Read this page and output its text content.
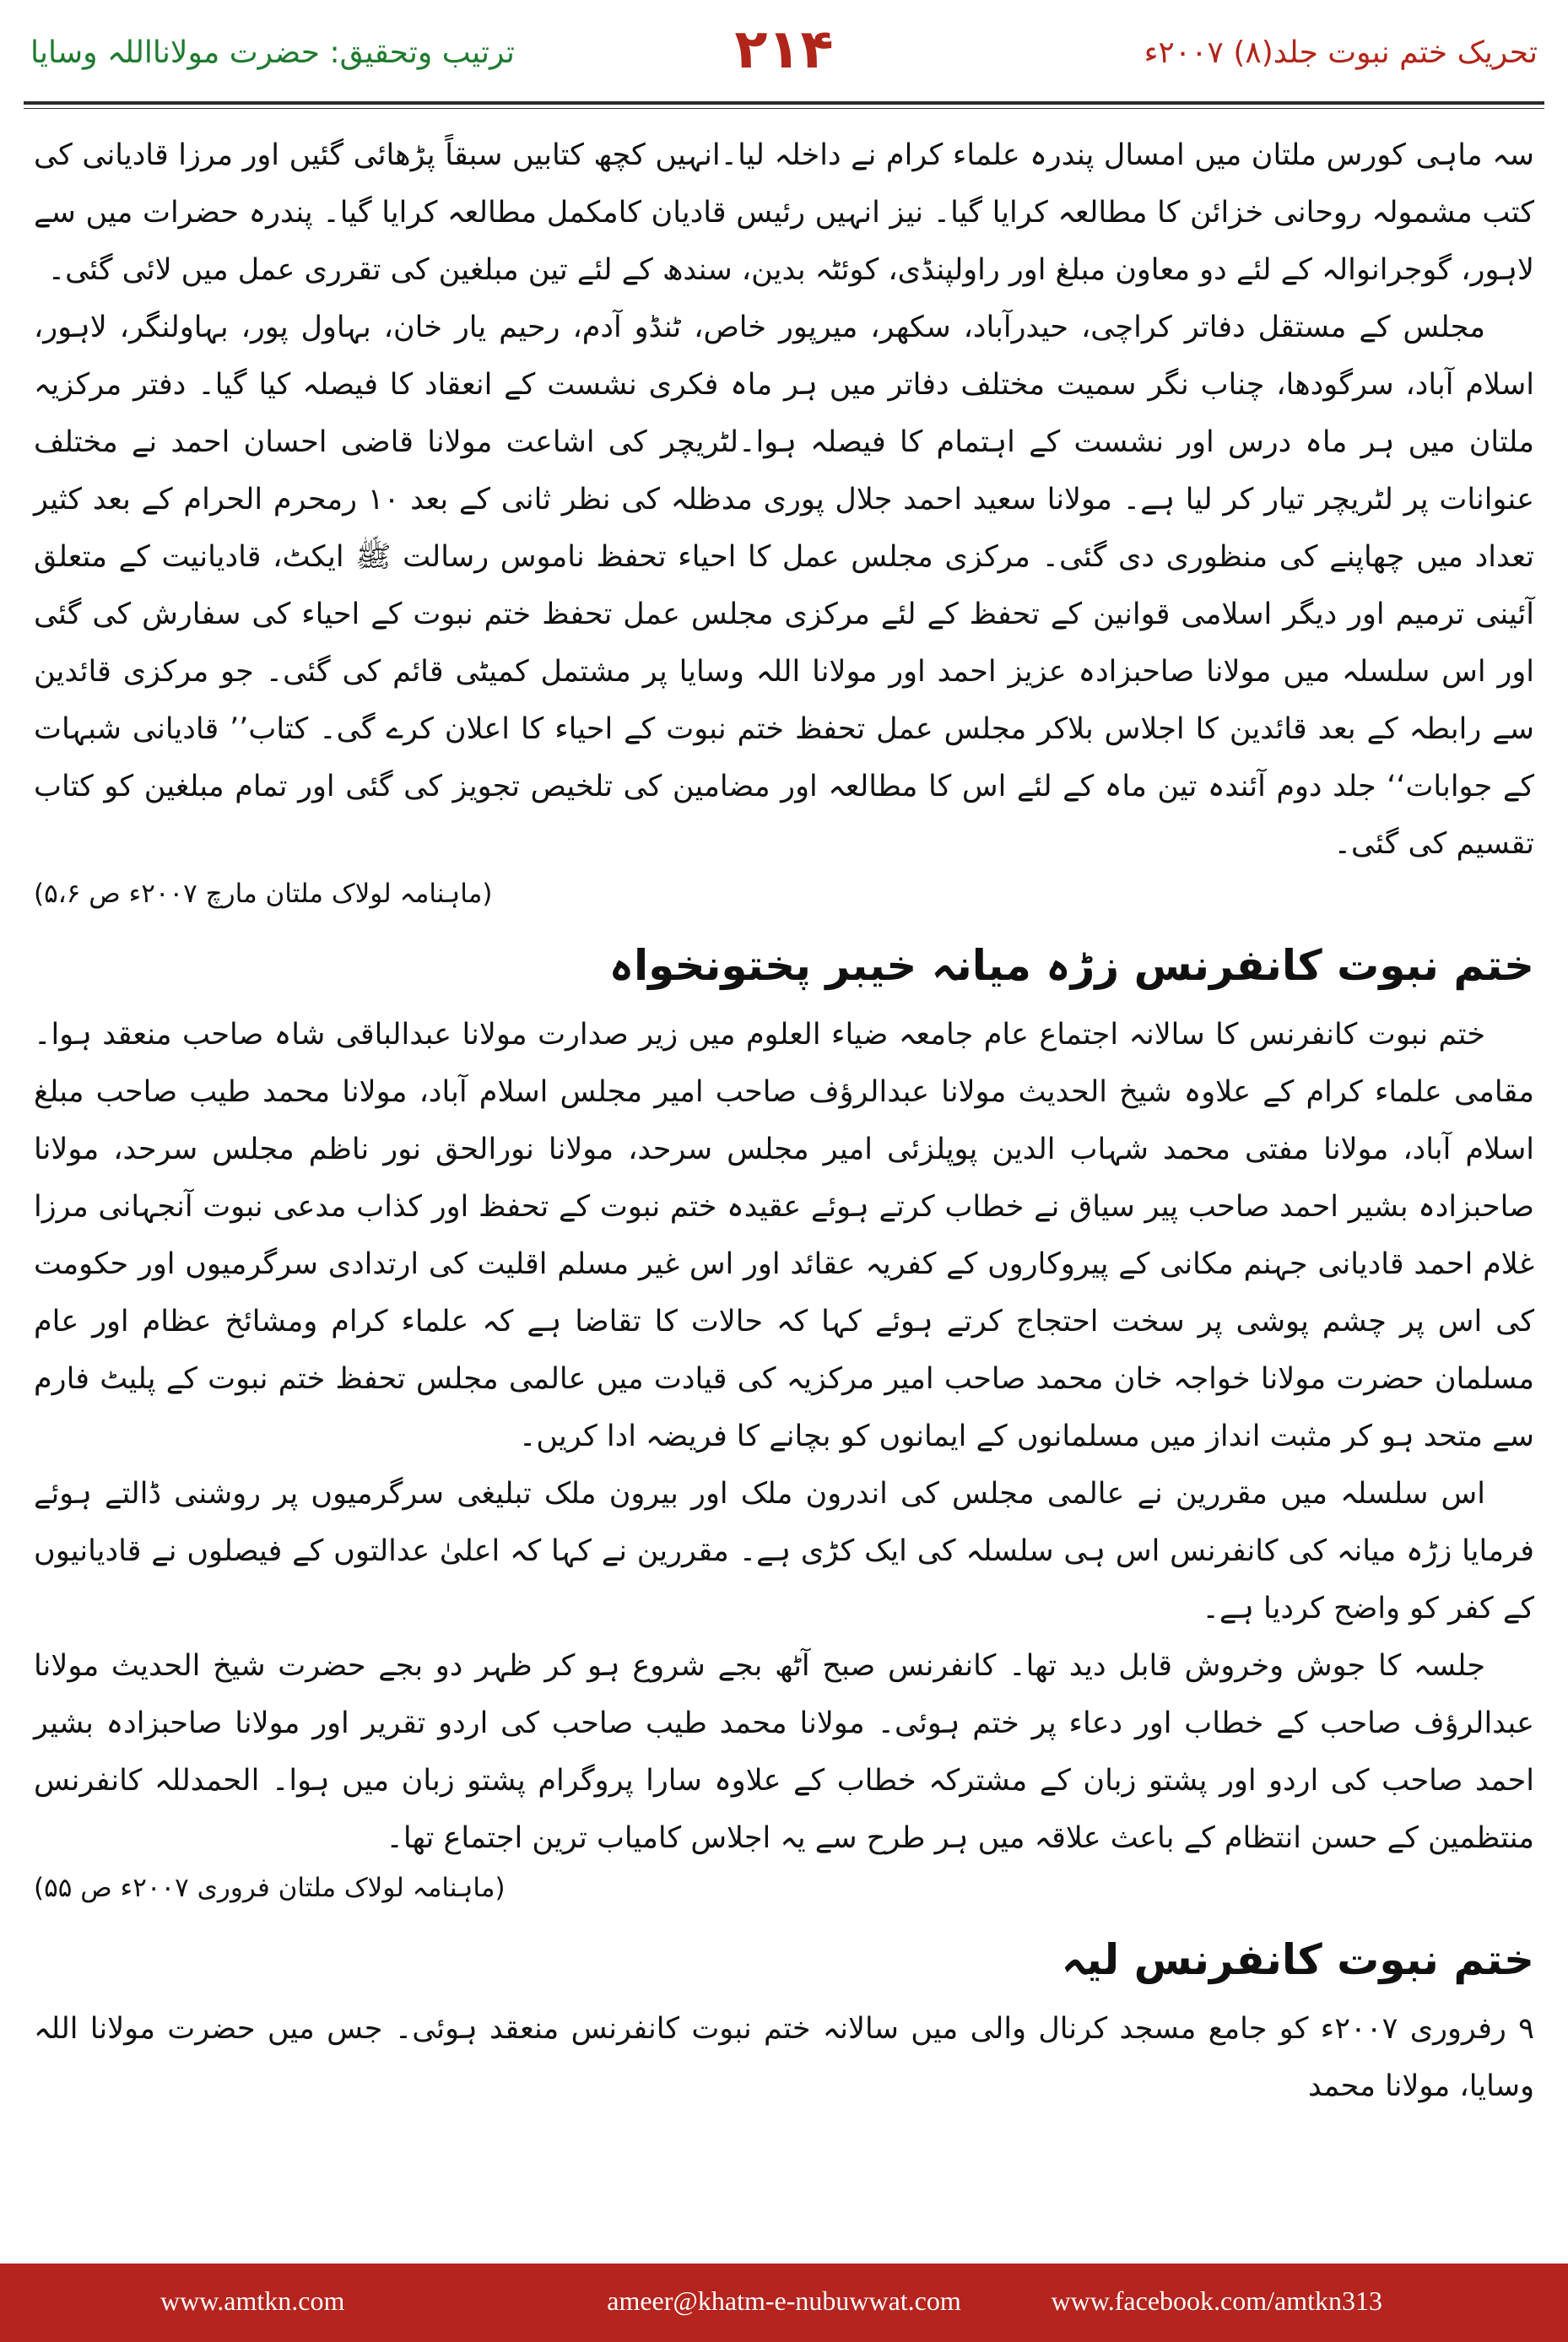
ترتیب وتحقیق: حضرت مولانااللہ وسایا	۲۱۴	تحریک ختم نبوت جلد(۸) ۲۰۰۷ء

سہ ماہی کورس ملتان میں امسال پندرہ علماء کرام نے داخلہ لیا۔انہیں کچھ کتابیں سبقاً پڑھائی گئیں اور مرزا قادیانی کی کتب مشمولہ روحانی خزائن کا مطالعہ کرایا گیا۔ نیز انہیں رئیس قادیان کامکمل مطالعہ کرایا گیا۔ پندرہ حضرات میں سے لاہور، گوجرانوالہ کے لئے دو معاون مبلغ اور راولپنڈی، کوئٹہ بدین، سندھ کے لئے تین مبلغین کی تقرری عمل میں لائی گئی۔

مجلس کے مستقل دفاتر کراچی، حیدرآباد، سکھر، میرپور خاص، ٹنڈو آدم، رحیم یار خان، بہاول پور، بہاولنگر، لاہور، اسلام آباد، سرگودھا، چناب نگر سمیت مختلف دفاتر میں ہر ماہ فکری نشست کے انعقاد کا فیصلہ کیا گیا۔ دفتر مرکزیہ ملتان میں ہر ماہ درس اور نشست کے اہتمام کا فیصلہ ہوا۔لٹریچر کی اشاعت مولانا قاضی احسان احمد نے مختلف عنوانات پر لٹریچر تیار کر لیا ہے۔ مولانا سعید احمد جلال پوری مدظلہ کی نظر ثانی کے بعد ۱۰ رمحرم الحرام کے بعد کثیر تعداد میں چھاپنے کی منظوری دی گئی۔ مرکزی مجلس عمل کا احیاء تحفظ ناموس رسالت ﷺ ایکٹ، قادیانیت کے متعلق آئینی ترمیم اور دیگر اسلامی قوانین کے تحفظ کے لئے مرکزی مجلس عمل تحفظ ختم نبوت کے احیاء کی سفارش کی گئی اور اس سلسلہ میں مولانا صاحبزادہ عزیز احمد اور مولانا اللہ وسایا پر مشتمل کمیٹی قائم کی گئی۔ جو مرکزی قائدین سے رابطہ کے بعد قائدین کا اجلاس بلاکر مجلس عمل تحفظ ختم نبوت کے احیاء کا اعلان کرے گی۔ کتاب’’ قادیانی شبہات کے جوابات‘‘ جلد دوم آئندہ تین ماہ کے لئے اس کا مطالعہ اور مضامین کی تلخیص تجویز کی گئی اور تمام مبلغین کو کتاب تقسیم کی گئی۔

(ماہنامہ لولاک ملتان مارچ ۲۰۰۷ء ص ۵،۶)
ختم نبوت کانفرنس زڑہ میانہ خیبر پختونخواہ

ختم نبوت کانفرنس کا سالانہ اجتماع عام جامعہ ضیاء العلوم میں زیر صدارت مولانا عبدالباقی شاہ صاحب منعقد ہوا۔ مقامی علماء کرام کے علاوہ شیخ الحدیث مولانا عبدالرؤف صاحب امیر مجلس اسلام آباد، مولانا محمد طیب صاحب مبلغ اسلام آباد، مولانا مفتی محمد شہاب الدین پوپلزئی امیر مجلس سرحد، مولانا نورالحق نور ناظم مجلس سرحد، مولانا صاحبزادہ بشیر احمد صاحب پیر سیاق نے خطاب کرتے ہوئے عقیدہ ختم نبوت کے تحفظ اور کذاب مدعی نبوت آنجہانی مرزا غلام احمد قادیانی جہنم مکانی کے پیروکاروں کے کفریہ عقائد اور اس غیر مسلم اقلیت کی ارتدادی سرگرمیوں اور حکومت کی اس پر چشم پوشی پر سخت احتجاج کرتے ہوئے کہا کہ حالات کا تقاضا ہے کہ علماء کرام ومشائخ عظام اور عام مسلمان حضرت مولانا خواجہ خان محمد صاحب امیر مرکزیہ کی قیادت میں عالمی مجلس تحفظ ختم نبوت کے پلیٹ فارم سے متحد ہو کر مثبت انداز میں مسلمانوں کے ایمانوں کو بچانے کا فریضہ ادا کریں۔

اس سلسلہ میں مقررین نے عالمی مجلس کی اندرون ملک اور بیرون ملک تبلیغی سرگرمیوں پر روشنی ڈالتے ہوئے فرمایا زڑہ میانہ کی کانفرنس اس ہی سلسلہ کی ایک کڑی ہے۔ مقررین نے کہا کہ اعلیٰ عدالتوں کے فیصلوں نے قادیانیوں کے کفر کو واضح کردیا ہے۔

جلسہ کا جوش وخروش قابل دید تھا۔ کانفرنس صبح آٹھ بجے شروع ہو کر ظہر دو بجے حضرت شیخ الحدیث مولانا عبدالرؤف صاحب کے خطاب اور دعاء پر ختم ہوئی۔ مولانا محمد طیب صاحب کی اردو تقریر اور مولانا صاحبزادہ بشیر احمد صاحب کی اردو اور پشتو زبان کے مشترکہ خطاب کے علاوہ سارا پروگرام پشتو زبان میں ہوا۔ الحمدللہ کانفرنس منتظمین کے حسن انتظام کے باعث علاقہ میں ہر طرح سے یہ اجلاس کامیاب ترین اجتماع تھا۔

(ماہنامہ لولاک ملتان فروری ۲۰۰۷ء ص ۵۵)
ختم نبوت کانفرنس لیہ

۹ رفروری ۲۰۰۷ء کو جامع مسجد کرنال والی میں سالانہ ختم نبوت کانفرنس منعقد ہوئی۔ جس میں حضرت مولانا اللہ وسایا، مولانا محمد

www.amtkn.com	ameer@khatm-e-nubuwwat.com	www.facebook.com/amtkn313
